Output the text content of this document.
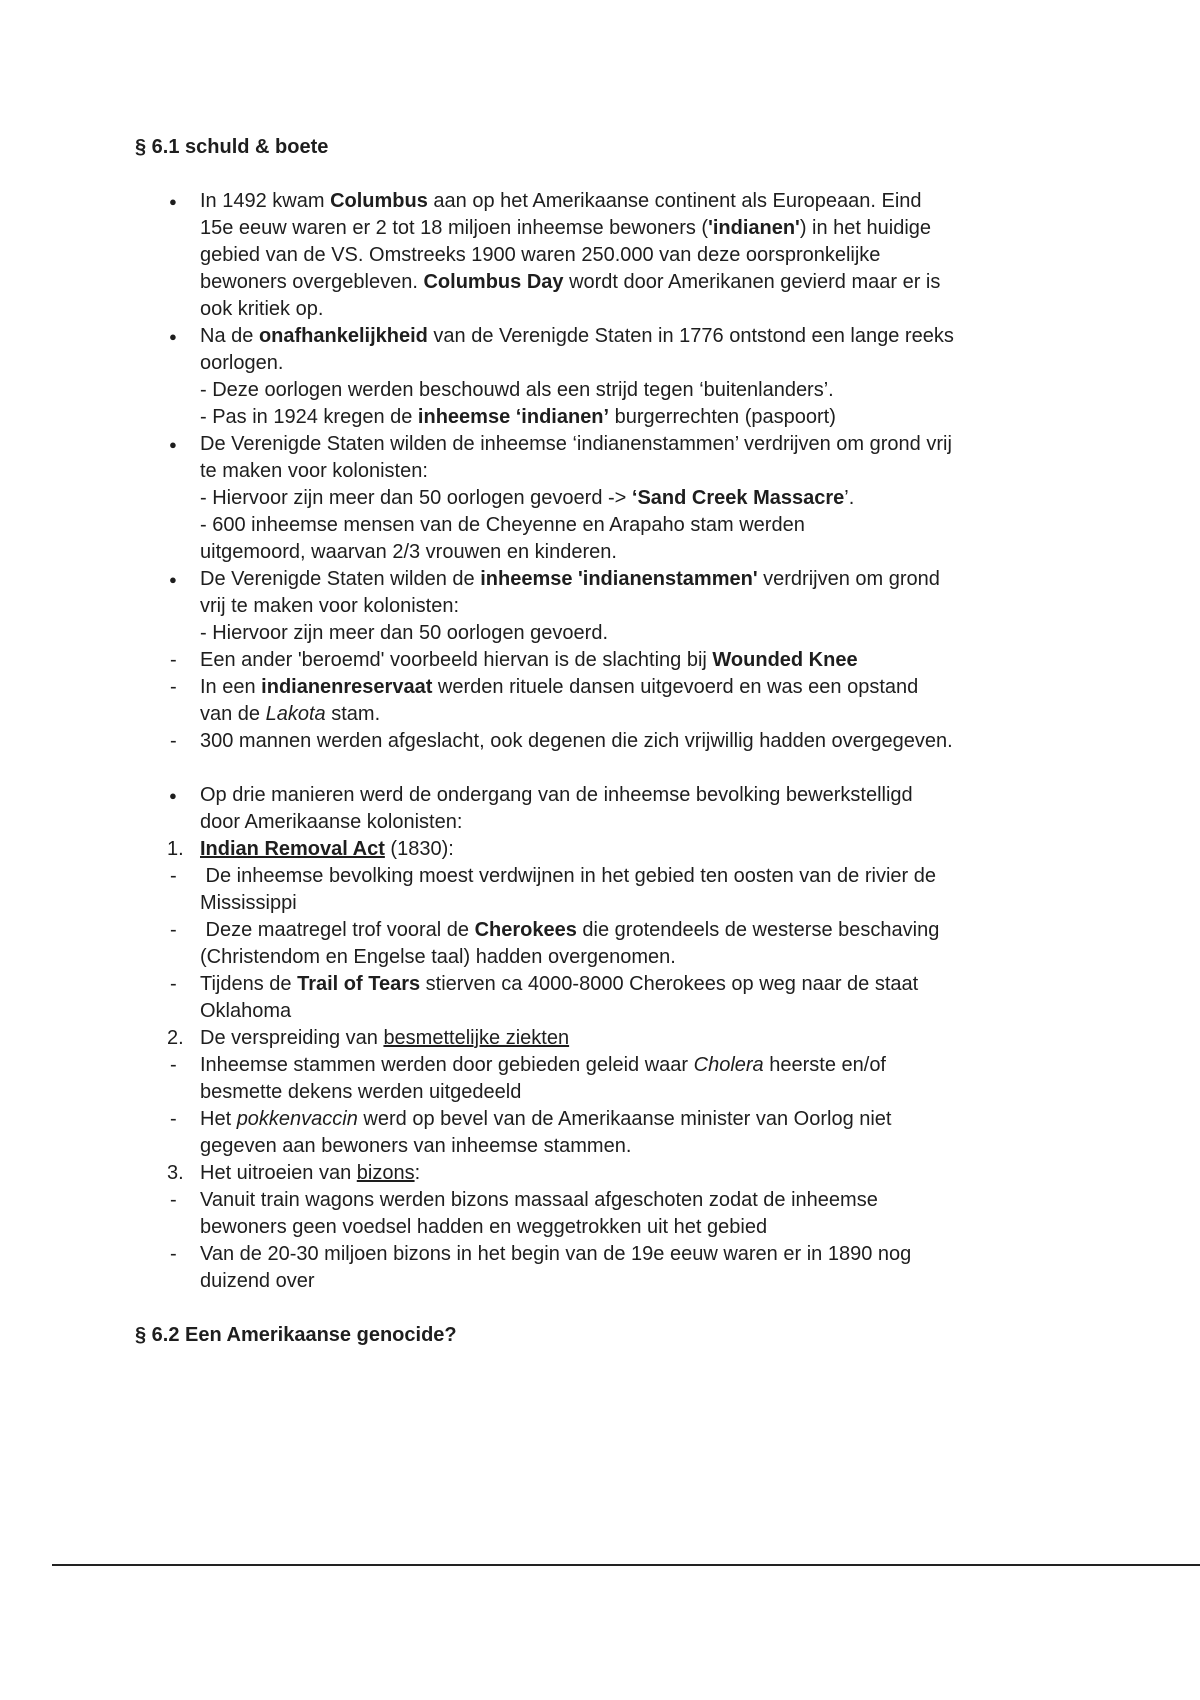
§ 6.1 schuld & boete
● In 1492 kwam Columbus aan op het Amerikaanse continent als Europeaan. Eind
15e eeuw waren er 2 tot 18 miljoen inheemse bewoners ('indianen') in het huidige
gebied van de VS. Omstreeks 1900 waren 250.000 van deze oorspronkelijke
bewoners overgebleven. Columbus Day wordt door Amerikanen gevierd maar er is
ook kritiek op.
● Na de onafhankelijkheid van de Verenigde Staten in 1776 ontstond een lange reeks
oorlogen.
- Deze oorlogen werden beschouwd als een strijd tegen ‘buitenlanders’.
- Pas in 1924 kregen de inheemse ‘indianen’ burgerrechten (paspoort)
● De Verenigde Staten wilden de inheemse ‘indianenstammen’ verdrijven om grond vrij
te maken voor kolonisten:
- Hiervoor zijn meer dan 50 oorlogen gevoerd -> ‘Sand Creek Massacre’.
- 600 inheemse mensen van de Cheyenne en Arapaho stam werden
uitgemoord, waarvan 2/3 vrouwen en kinderen.
● De Verenigde Staten wilden de inheemse 'indianenstammen' verdrijven om grond
vrij te maken voor kolonisten:
- Hiervoor zijn meer dan 50 oorlogen gevoerd.
- Een ander 'beroemd' voorbeeld hiervan is de slachting bij Wounded Knee
- In een indianenreservaat werden rituele dansen uitgevoerd en was een opstand
van de Lakota stam.
- 300 mannen werden afgeslacht, ook degenen die zich vrijwillig hadden overgegeven.
● Op drie manieren werd de ondergang van de inheemse bevolking bewerkstelligd
door Amerikaanse kolonisten:
1. Indian Removal Act (1830):
- De inheemse bevolking moest verdwijnen in het gebied ten oosten van de rivier de
Mississippi
- Deze maatregel trof vooral de Cherokees die grotendeels de westerse beschaving
(Christendom en Engelse taal) hadden overgenomen.
- Tijdens de Trail of Tears stierven ca 4000-8000 Cherokees op weg naar de staat
Oklahoma
2. De verspreiding van besmettelijke ziekten
- Inheemse stammen werden door gebieden geleid waar Cholera heerste en/of
besmette dekens werden uitgedeeld
- Het pokkenvaccin werd op bevel van de Amerikaanse minister van Oorlog niet
gegeven aan bewoners van inheemse stammen.
3. Het uitroeien van bizons:
- Vanuit train wagons werden bizons massaal afgeschoten zodat de inheemse
bewoners geen voedsel hadden en weggetrokken uit het gebied
- Van de 20-30 miljoen bizons in het begin van de 19e eeuw waren er in 1890 nog
duizend over
§ 6.2 Een Amerikaanse genocide?
